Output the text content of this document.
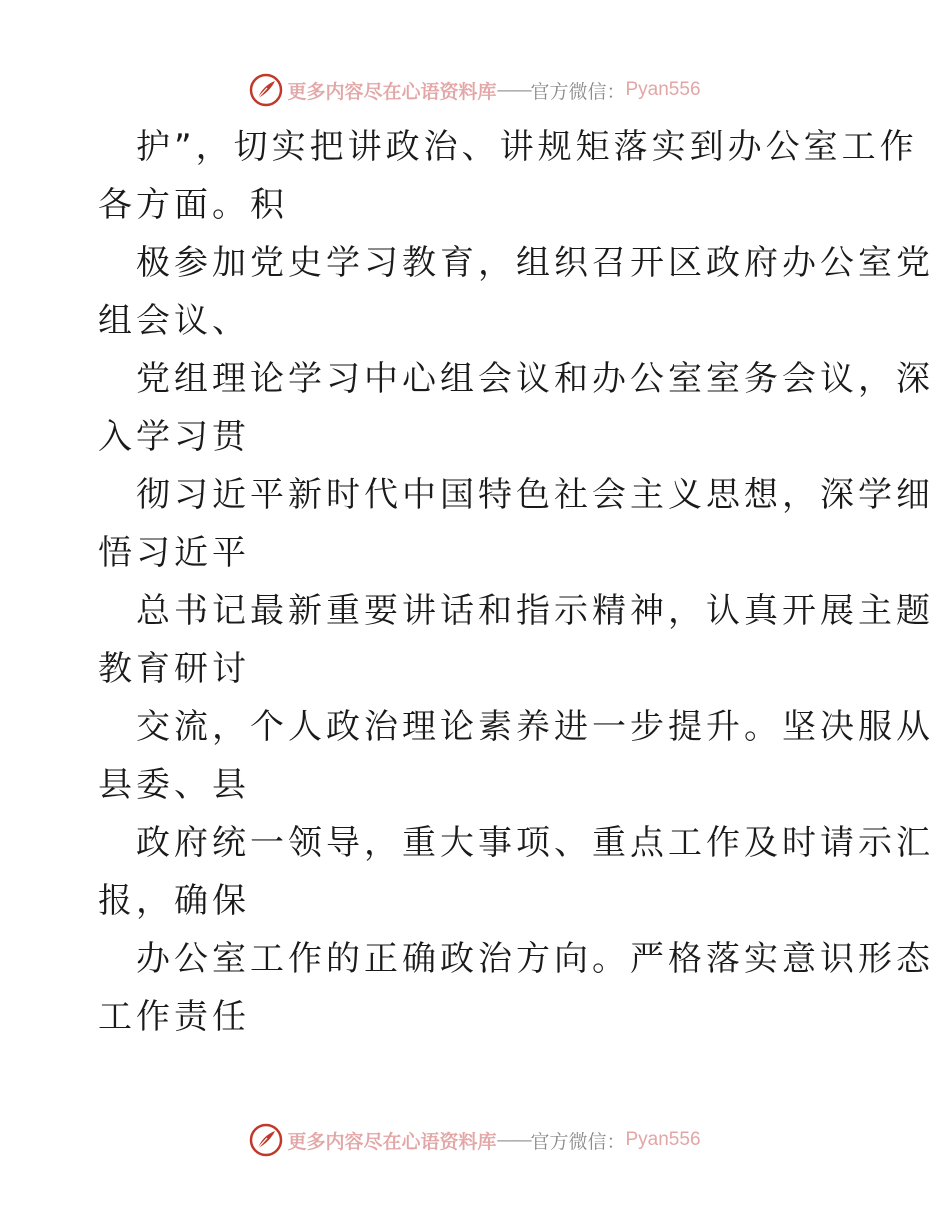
更多内容尽在心语资料库 —— 官方微信： Pyan556
护”，切实把讲政治、讲规矩落实到办公室工作
各方面。积
极参加党史学习教育，组织召开区政府办公室党
组会议、
党组理论学习中心组会议和办公室室务会议，深
入学习贯
彻习近平新时代中国特色社会主义思想，深学细
悟习近平
总书记最新重要讲话和指示精神，认真开展主题
教育研讨
交流，个人政治理论素养进一步提升。坚决服从
县委、县
政府统一领导，重大事项、重点工作及时请示汇
报，确保
办公室工作的正确政治方向。严格落实意识形态
工作责任
更多内容尽在心语资料库 —— 官方微信： Pyan556
